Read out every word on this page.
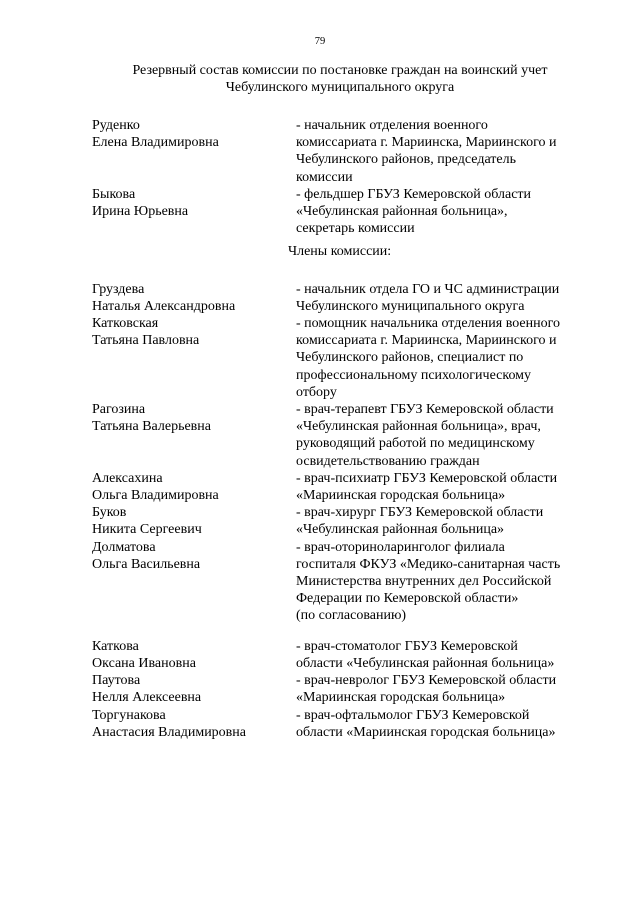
79
Резервный состав комиссии по постановке граждан на воинский учет
Чебулинского муниципального округа
Руденко
Елена Владимировна
- начальник отделения военного
комиссариата г. Мариинска, Мариинского и
Чебулинского районов, председатель
комиссии
Быкова
Ирина Юрьевна
- фельдшер ГБУЗ Кемеровской области
«Чебулинская районная больница»,
секретарь комиссии
Члены комиссии:
Груздева
Наталья Александровна
- начальник отдела ГО и ЧС администрации
Чебулинского муниципального округа
Катковская
Татьяна Павловна
- помощник начальника отделения военного
комиссариата г. Мариинска, Мариинского и
Чебулинского районов, специалист по
профессиональному психологическому
отбору
Рагозина
Татьяна Валерьевна
- врач-терапевт ГБУЗ Кемеровской области
«Чебулинская районная больница», врач,
руководящий работой по медицинскому
освидетельствованию граждан
Алексахина
Ольга Владимировна
- врач-психиатр ГБУЗ Кемеровской области
«Мариинская городская больница»
Буков
Никита Сергеевич
- врач-хирург ГБУЗ Кемеровской области
«Чебулинская районная больница»
Долматова
Ольга Васильевна
- врач-оториноларинголог филиала
госпиталя ФКУЗ «Медико-санитарная часть
Министерства внутренних дел Российской
Федерации по Кемеровской области»
(по согласованию)
Каткова
Оксана Ивановна
- врач-стоматолог ГБУЗ Кемеровской
области «Чебулинская районная больница»
Паутова
Нелля Алексеевна
- врач-невролог ГБУЗ Кемеровской области
«Мариинская городская больница»
Торгунакова
Анастасия Владимировна
- врач-офтальмолог ГБУЗ Кемеровской
области «Мариинская городская больница»
